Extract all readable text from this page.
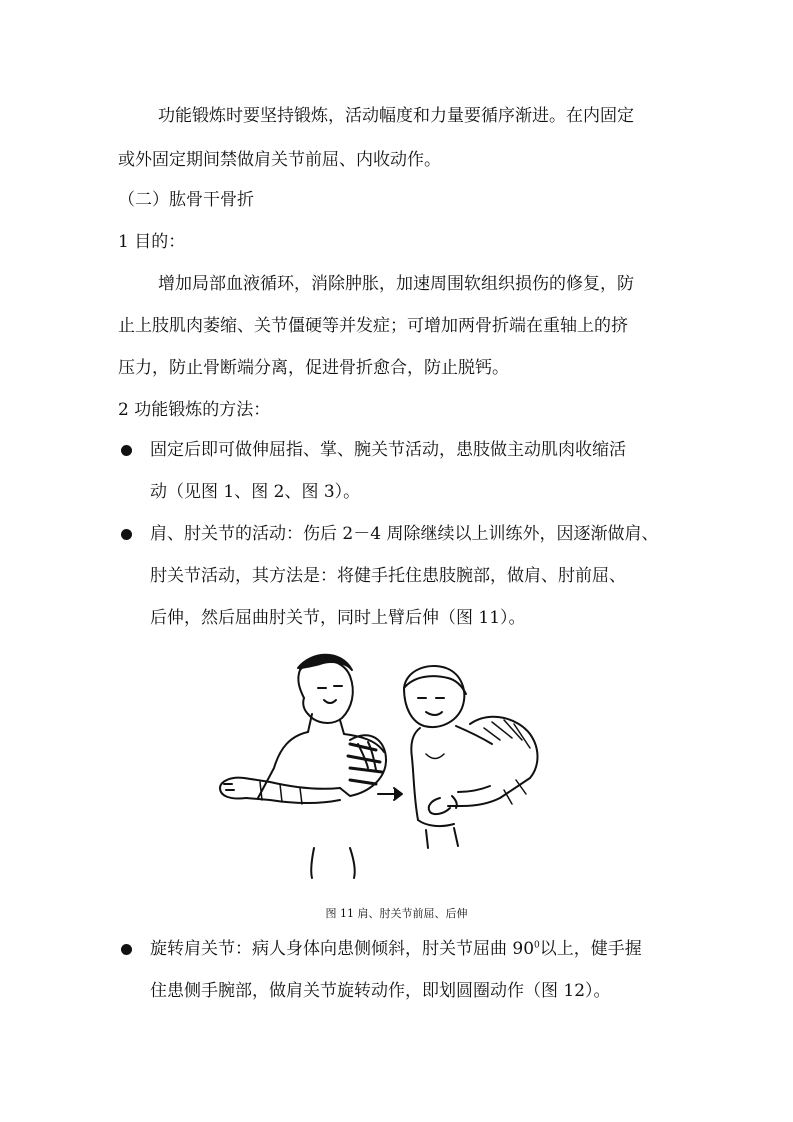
功能锻炼时要坚持锻炼，活动幅度和力量要循序渐进。在内固定
或外固定期间禁做肩关节前屈、内收动作。
（二）肱骨干骨折
1 目的：
增加局部血液循环，消除肿胀，加速周围软组织损伤的修复，防
止上肢肌肉萎缩、关节僵硬等并发症；可增加两骨折端在重轴上的挤
压力，防止骨断端分离，促进骨折愈合，防止脱钙。
2 功能锻炼的方法：
固定后即可做伸屈指、掌、腕关节活动，患肢做主动肌肉收缩活
动（见图 1、图 2、图 3）。
肩、肘关节的活动：伤后 2－4 周除继续以上训练外，因逐渐做肩、
肘关节活动，其方法是：将健手托住患肢腕部，做肩、肘前屈、
后伸，然后屈曲肘关节，同时上臂后伸（图 11）。
图 11 肩、肘关节前屈、后伸
旋转肩关节：病人身体向患侧倾斜，肘关节屈曲 $90^0$以上，健手握
住患侧手腕部，做肩关节旋转动作，即划圆圈动作（图 12）。
